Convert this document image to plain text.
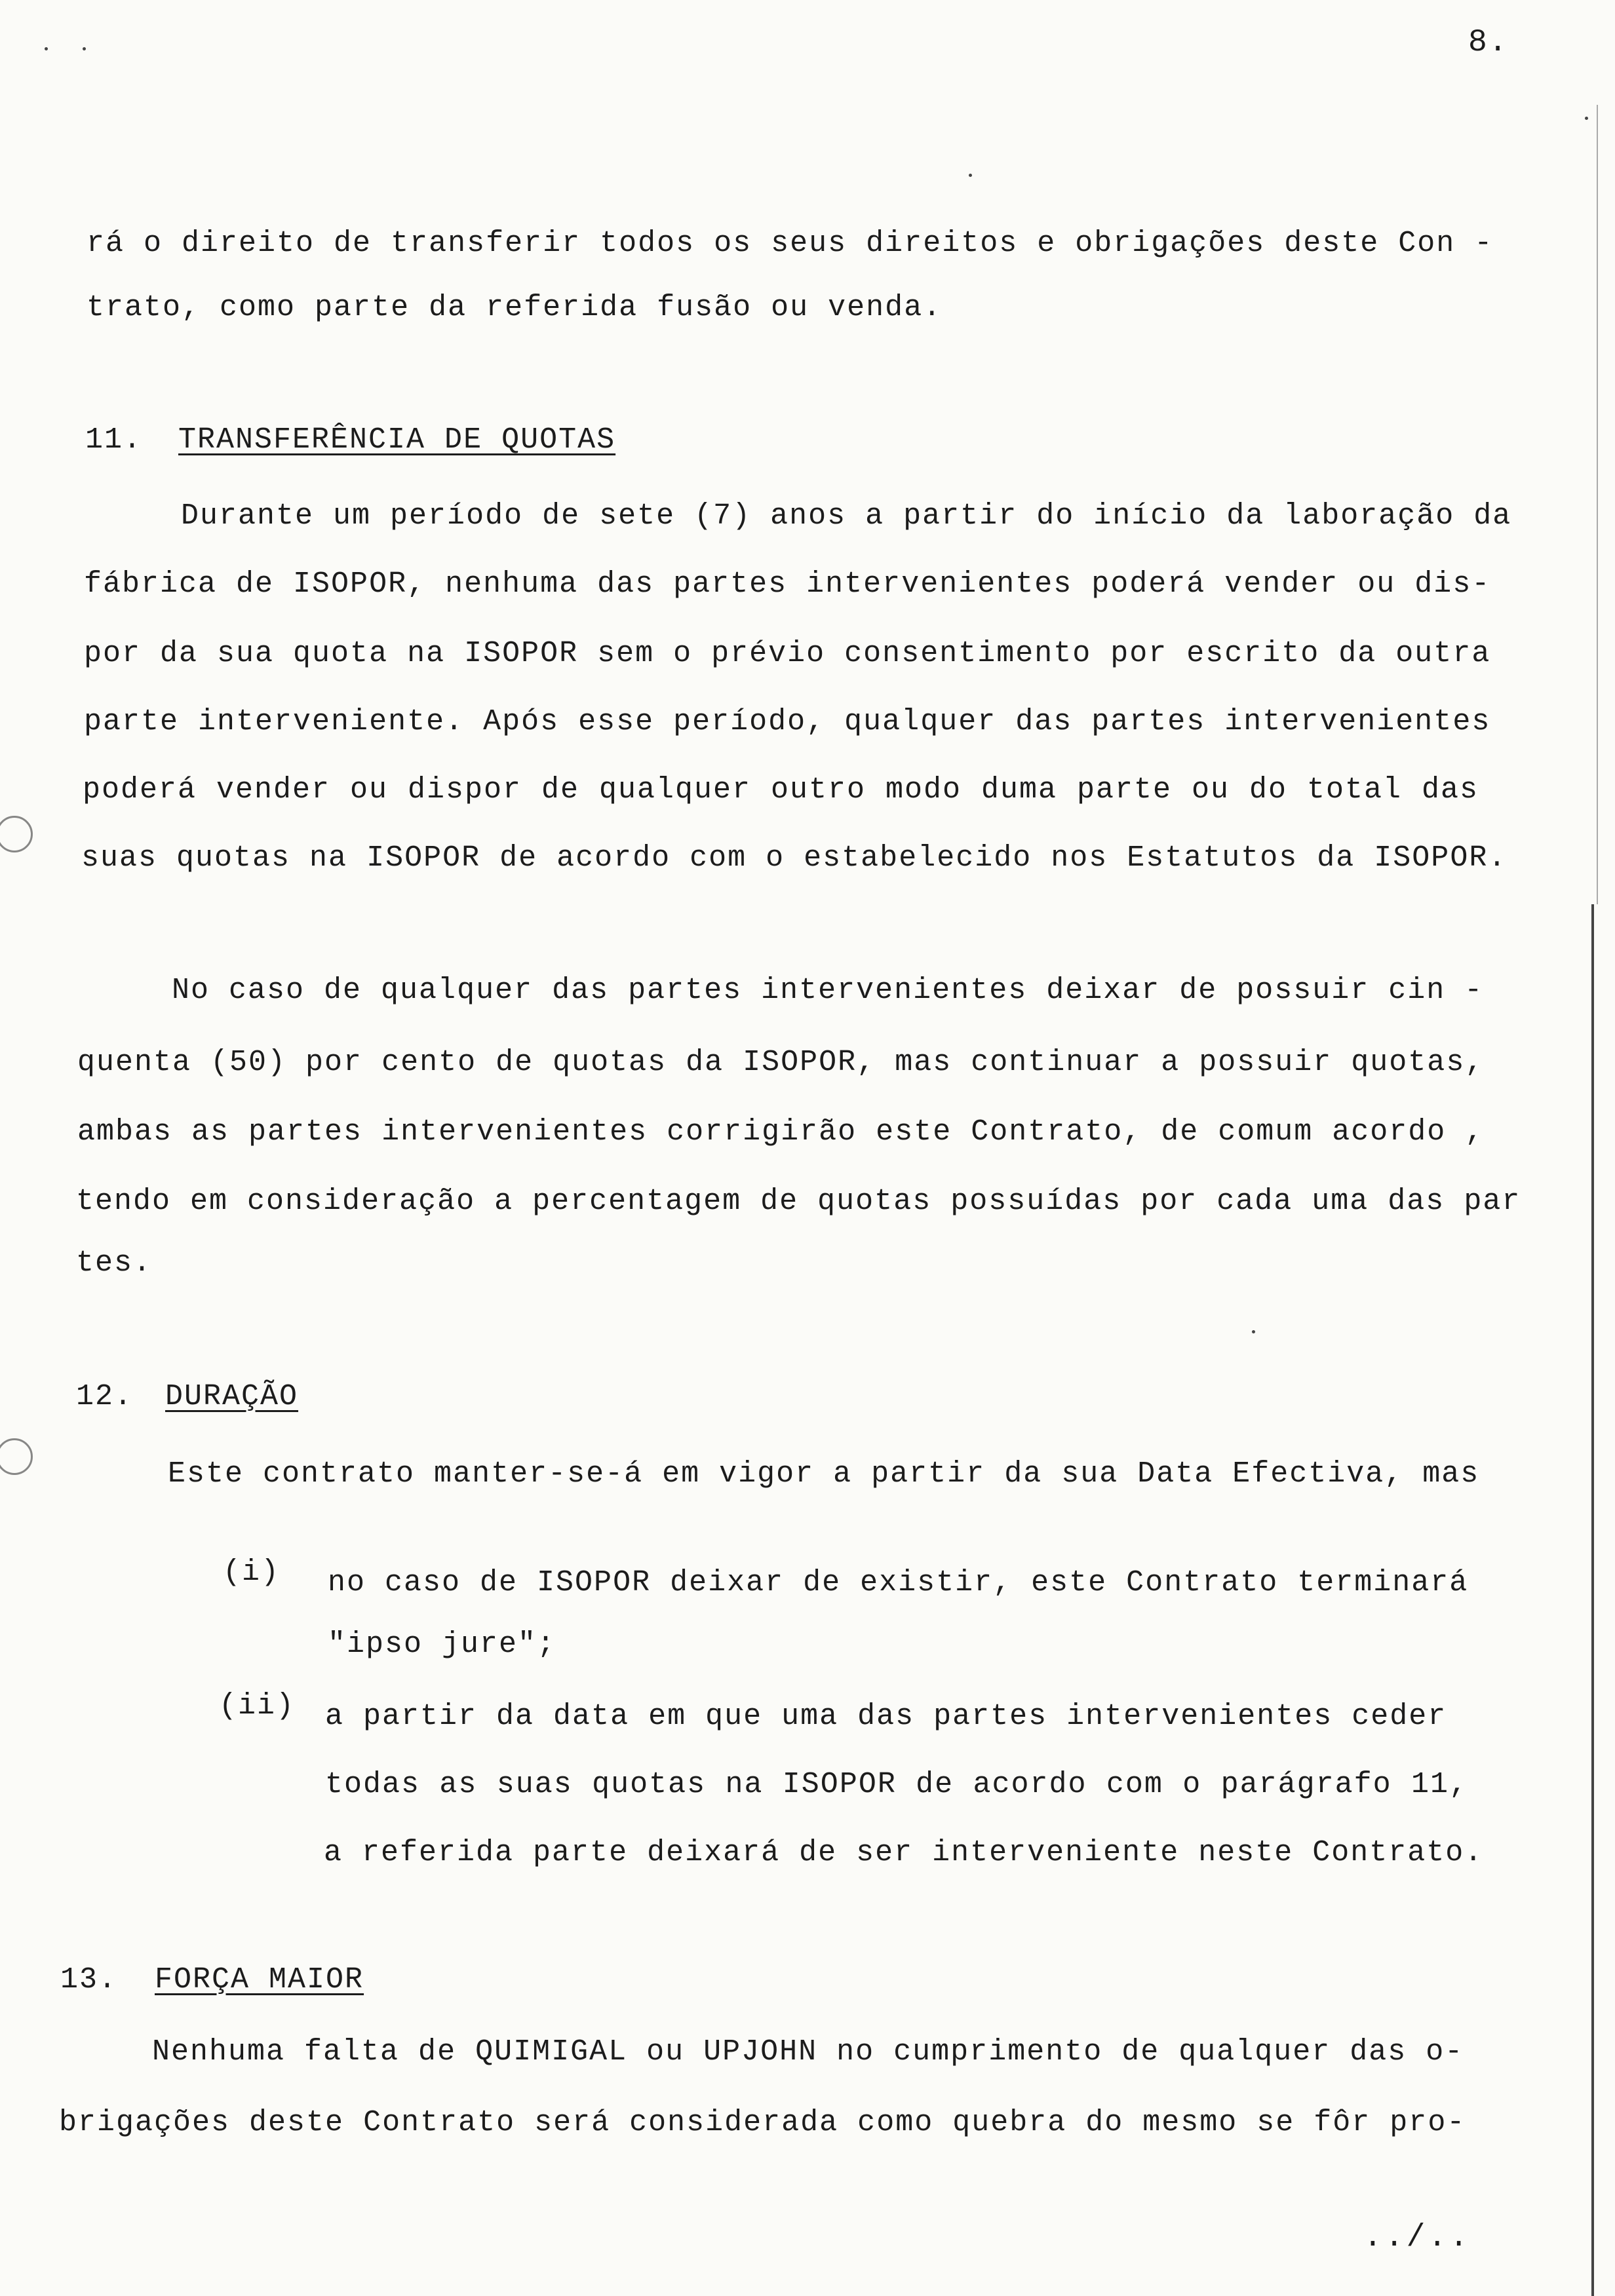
8.
rá o direito de transferir todos os seus direitos e obrigações deste Con -
trato, como parte da referida fusão ou venda.
11. TRANSFERÊNCIA DE QUOTAS
Durante um período de sete (7) anos a partir do início da laboração da
fábrica de ISOPOR, nenhuma das partes intervenientes poderá vender ou dis-
por da sua quota na ISOPOR sem o prévio consentimento por escrito da outra
parte interveniente. Após esse período, qualquer das partes intervenientes
poderá vender ou dispor de qualquer outro modo duma parte ou do total das
suas quotas na ISOPOR de acordo com o estabelecido nos Estatutos da ISOPOR.
No caso de qualquer das partes intervenientes deixar de possuir cin -
quenta (50) por cento de quotas da ISOPOR, mas continuar a possuir quotas,
ambas as partes intervenientes corrigirão este Contrato, de comum acordo ,
tendo em consideração a percentagem de quotas possuídas por cada uma das par
tes.
12. DURAÇÃO
Este contrato manter-se-á em vigor a partir da sua Data Efectiva, mas
(i) no caso de ISOPOR deixar de existir, este Contrato terminará
"ipso jure";
(ii) a partir da data em que uma das partes intervenientes ceder
todas as suas quotas na ISOPOR de acordo com o parágrafo 11,
a referida parte deixará de ser interveniente neste Contrato.
13. FORÇA MAIOR
Nenhuma falta de QUIMIGAL ou UPJOHN no cumprimento de qualquer das o-
brigações deste Contrato será considerada como quebra do mesmo se fôr pro-
../..
